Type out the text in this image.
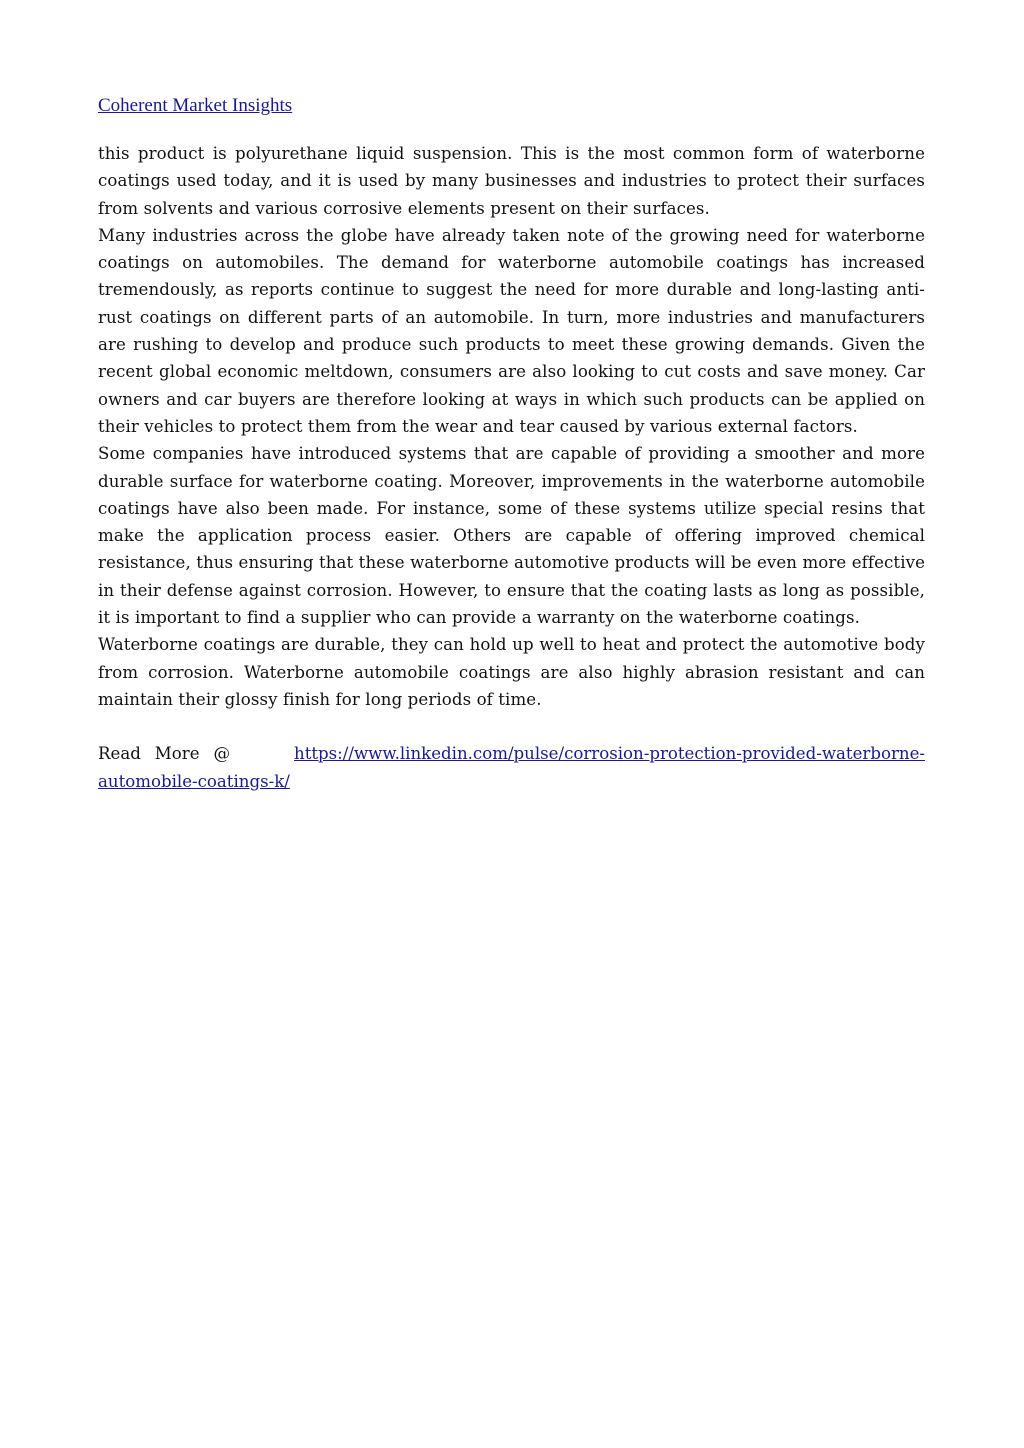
Coherent Market Insights

this product is polyurethane liquid suspension. This is the most common form of waterborne coatings used today, and it is used by many businesses and industries to protect their surfaces from solvents and various corrosive elements present on their surfaces.

Many industries across the globe have already taken note of the growing need for waterborne coatings on automobiles. The demand for waterborne automobile coatings has increased tremendously, as reports continue to suggest the need for more durable and long-lasting anti-rust coatings on different parts of an automobile. In turn, more industries and manufacturers are rushing to develop and produce such products to meet these growing demands. Given the recent global economic meltdown, consumers are also looking to cut costs and save money. Car owners and car buyers are therefore looking at ways in which such products can be applied on their vehicles to protect them from the wear and tear caused by various external factors.

Some companies have introduced systems that are capable of providing a smoother and more durable surface for waterborne coating. Moreover, improvements in the waterborne automobile coatings have also been made. For instance, some of these systems utilize special resins that make the application process easier. Others are capable of offering improved chemical resistance, thus ensuring that these waterborne automotive products will be even more effective in their defense against corrosion. However, to ensure that the coating lasts as long as possible, it is important to find a supplier who can provide a warranty on the waterborne coatings.

Waterborne coatings are durable, they can hold up well to heat and protect the automotive body from corrosion. Waterborne automobile coatings are also highly abrasion resistant and can maintain their glossy finish for long periods of time.

Read More @	https://www.linkedin.com/pulse/corrosion-protection-provided-waterborne-automobile-coatings-k/
